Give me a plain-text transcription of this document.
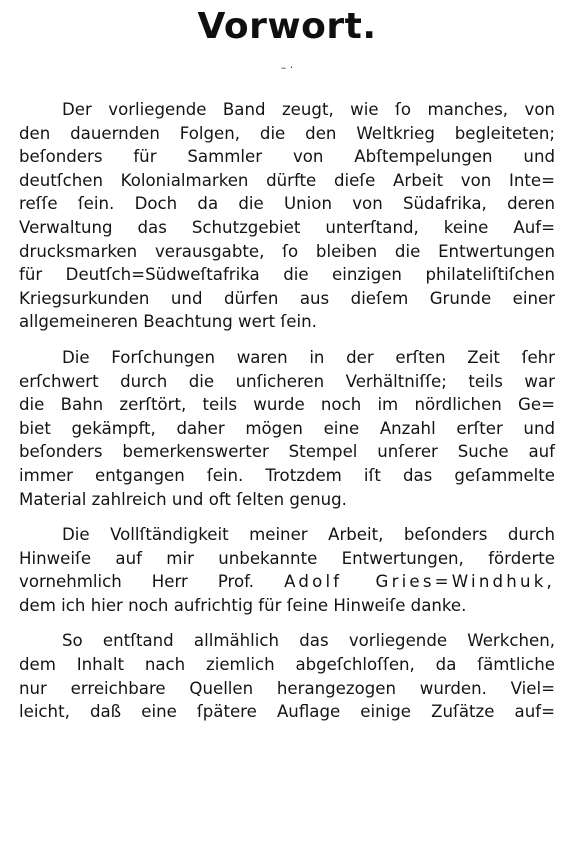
Vorwort.
– ·
Der vorliegende Band zeugt, wie ſo manches, von
den dauernden Folgen, die den Weltkrieg begleiteten;
beſonders für Sammler von Abſtempelungen und
deutſchen Kolonialmarken dürfte dieſe Arbeit von Inte=
reſſe ſein. Doch da die Union von Südafrika, deren
Verwaltung das Schutzgebiet unterſtand, keine Auf=
drucksmarken verausgabte, ſo bleiben die Entwertungen
für Deutſch=Südweſtafrika die einzigen philateliſtiſchen
Kriegsurkunden und dürfen aus dieſem Grunde einer
allgemeineren Beachtung wert ſein.
Die Forſchungen waren in der erſten Zeit ſehr
erſchwert durch die unſicheren Verhältniſſe; teils war
die Bahn zerſtört, teils wurde noch im nördlichen Ge=
biet gekämpft, daher mögen eine Anzahl erſter und
beſonders bemerkenswerter Stempel unſerer Suche auf
immer entgangen ſein. Trotzdem iſt das geſammelte
Material zahlreich und oft ſelten genug.
Die Vollſtändigkeit meiner Arbeit, beſonders durch
Hinweiſe auf mir unbekannte Entwertungen, förderte
vornehmlich Herr Prof. Adolf Gries=Windhuk,
dem ich hier noch aufrichtig für ſeine Hinweiſe danke.
So entſtand allmählich das vorliegende Werkchen,
dem Inhalt nach ziemlich abgeſchloſſen, da ſämtliche
nur erreichbare Quellen herangezogen wurden. Viel=
leicht, daß eine ſpätere Auflage einige Zuſätze auf=
